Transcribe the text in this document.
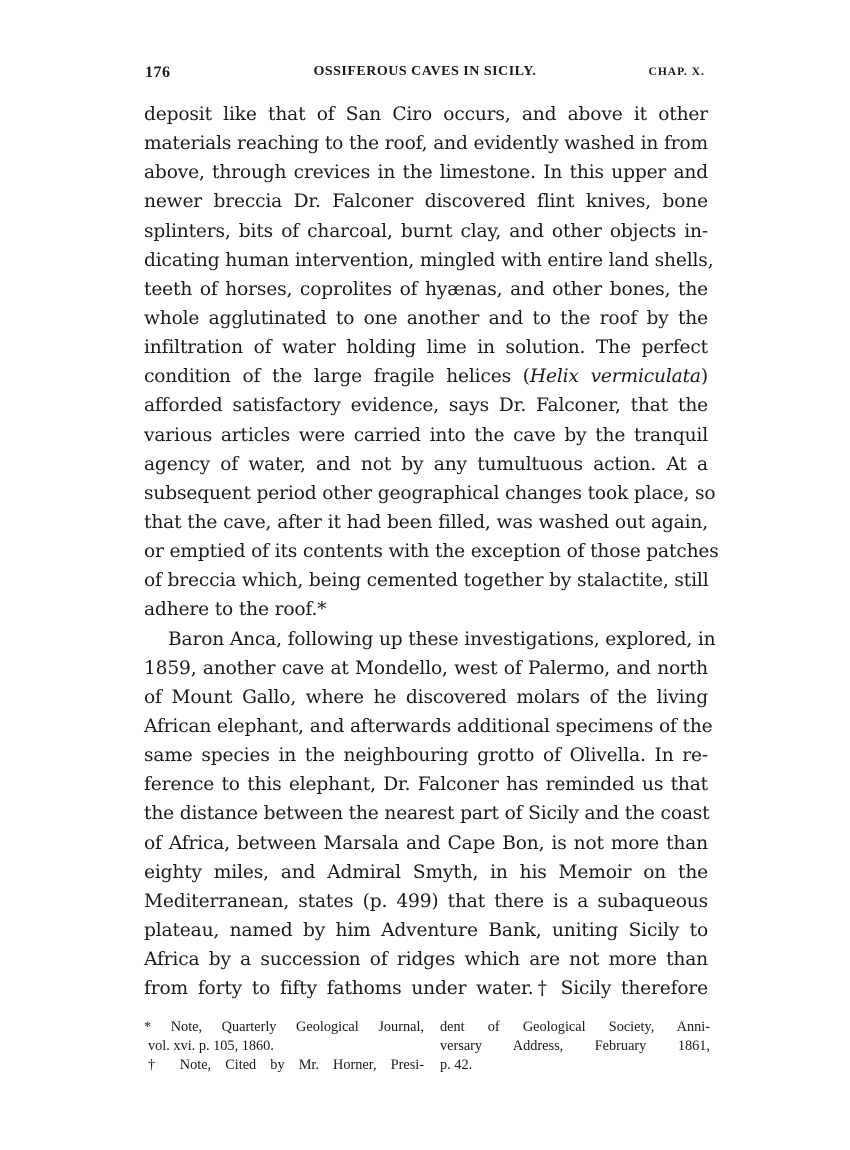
176	OSSIFEROUS CAVES IN SICILY.	CHAP. X.
deposit like that of San Ciro occurs, and above it other
materials reaching to the roof, and evidently washed in from
above, through crevices in the limestone. In this upper and
newer breccia Dr. Falconer discovered flint knives, bone
splinters, bits of charcoal, burnt clay, and other objects in-
dicating human intervention, mingled with entire land shells,
teeth of horses, coprolites of hyænas, and other bones, the
whole agglutinated to one another and to the roof by the
infiltration of water holding lime in solution. The perfect
condition of the large fragile helices (Helix vermiculata)
afforded satisfactory evidence, says Dr. Falconer, that the
various articles were carried into the cave by the tranquil
agency of water, and not by any tumultuous action. At a
subsequent period other geographical changes took place, so
that the cave, after it had been filled, was washed out again,
or emptied of its contents with the exception of those patches
of breccia which, being cemented together by stalactite, still
adhere to the roof.*
Baron Anca, following up these investigations, explored, in
1859, another cave at Mondello, west of Palermo, and north
of Mount Gallo, where he discovered molars of the living
African elephant, and afterwards additional specimens of the
same species in the neighbouring grotto of Olivella. In re-
ference to this elephant, Dr. Falconer has reminded us that
the distance between the nearest part of Sicily and the coast
of Africa, between Marsala and Cape Bon, is not more than
eighty miles, and Admiral Smyth, in his Memoir on the
Mediterranean, states (p. 499) that there is a subaqueous
plateau, named by him Adventure Bank, uniting Sicily to
Africa by a succession of ridges which are not more than
from forty to fifty fathoms under water.† Sicily therefore
* Note, Quarterly Geological Journal,
vol. xvi. p. 105, 1860.
† Note, Cited by Mr. Horner, Presi-
dent of Geological Society, Anni-
versary Address, February 1861,
p. 42.
